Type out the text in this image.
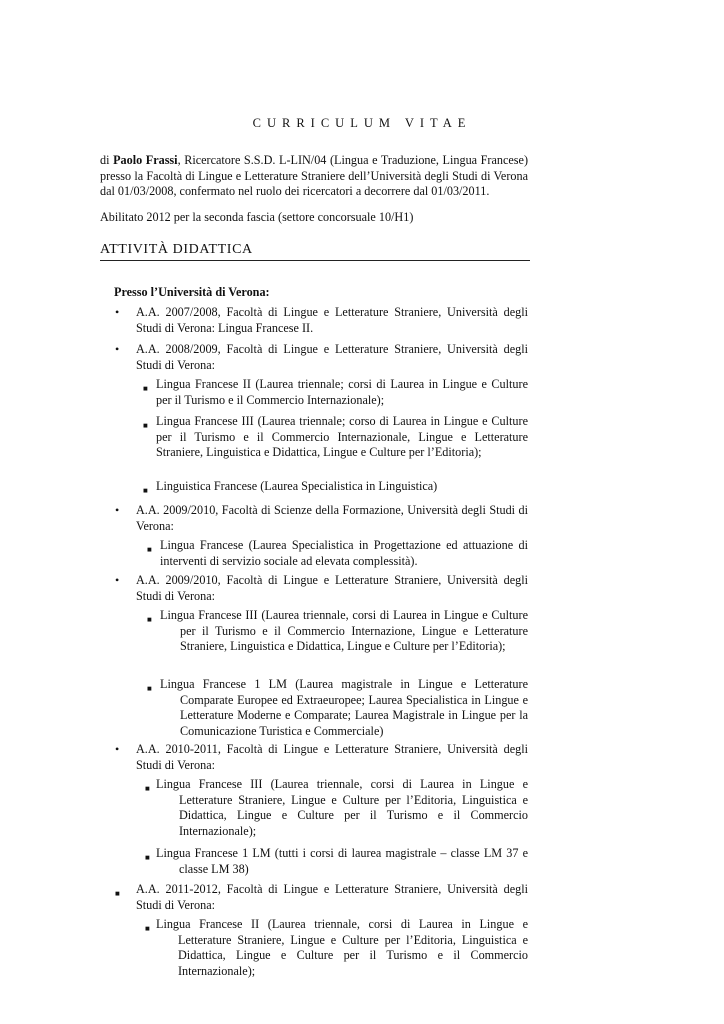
CURRICULUM VITAE
di Paolo Frassi, Ricercatore S.S.D. L-LIN/04 (Lingua e Traduzione, Lingua Francese) presso la Facoltà di Lingue e Letterature Straniere dell’Università degli Studi di Verona dal 01/03/2008, confermato nel ruolo dei ricercatori a decorrere dal 01/03/2011.
Abilitato 2012 per la seconda fascia (settore concorsuale 10/H1)
ATTIVITÀ DIDATTICA
Presso l’Università di Verona:
• A.A. 2007/2008, Facoltà di Lingue e Letterature Straniere, Università degli Studi di Verona: Lingua Francese II.
• A.A. 2008/2009, Facoltà di Lingue e Letterature Straniere, Università degli Studi di Verona:
■ Lingua Francese II (Laurea triennale; corsi di Laurea in Lingue e Culture per il Turismo e il Commercio Internazionale);
■ Lingua Francese III (Laurea triennale; corso di Laurea in Lingue e Culture per il Turismo e il Commercio Internazionale, Lingue e Letterature Straniere, Linguistica e Didattica, Lingue e Culture per l’Editoria);
■ Linguistica Francese (Laurea Specialistica in Linguistica)
• A.A. 2009/2010, Facoltà di Scienze della Formazione, Università degli Studi di Verona:
■ Lingua Francese (Laurea Specialistica in Progettazione ed attuazione di interventi di servizio sociale ad elevata complessità).
• A.A. 2009/2010, Facoltà di Lingue e Letterature Straniere, Università degli Studi di Verona:
■ Lingua Francese III (Laurea triennale, corsi di Laurea in Lingue e Culture per il Turismo e il Commercio Internazione, Lingue e Letterature Straniere, Linguistica e Didattica, Lingue e Culture per l’Editoria);
■ Lingua Francese 1 LM (Laurea magistrale in Lingue e Letterature Comparate Europee ed Extraeuropee; Laurea Specialistica in Lingue e Letterature Moderne e Comparate; Laurea Magistrale in Lingue per la Comunicazione Turistica e Commerciale)
• A.A. 2010-2011, Facoltà di Lingue e Letterature Straniere, Università degli Studi di Verona:
■ Lingua Francese III (Laurea triennale, corsi di Laurea in Lingue e Letterature Straniere, Lingue e Culture per l’Editoria, Linguistica e Didattica, Lingue e Culture per il Turismo e il Commercio Internazionale);
■ Lingua Francese 1 LM (tutti i corsi di laurea magistrale – classe LM 37 e classe LM 38)
■ A.A. 2011-2012, Facoltà di Lingue e Letterature Straniere, Università degli Studi di Verona:
■ Lingua Francese II (Laurea triennale, corsi di Laurea in Lingue e Letterature Straniere, Lingue e Culture per l’Editoria, Linguistica e Didattica, Lingue e Culture per il Turismo e il Commercio Internazionale);
